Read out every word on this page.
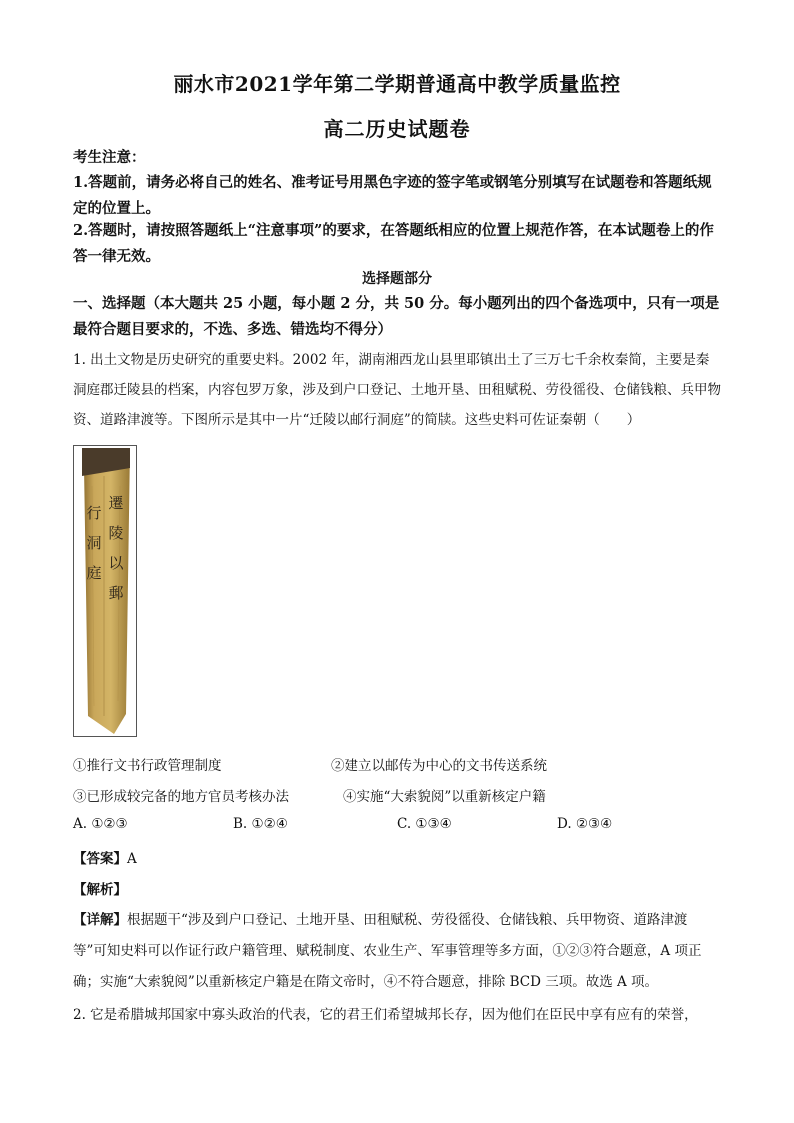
丽水市2021学年第二学期普通高中教学质量监控
高二历史试题卷
考生注意：
1.答题前，请务必将自己的姓名、准考证号用黑色字迹的签字笔或钢笔分别填写在试题卷和答题纸规定的位置上。
2.答题时，请按照答题纸上“注意事项”的要求，在答题纸相应的位置上规范作答，在本试题卷上的作答一律无效。
选择题部分
一、选择题（本大题共 25 小题，每小题 2 分，共 50 分。每小题列出的四个备选项中，只有一项是最符合题目要求的，不选、多选、错选均不得分）
1. 出土文物是历史研究的重要史料。2002 年，湖南湘西龙山县里耶镇出土了三万七千余枚秦简，主要是秦洞庭郡迁陵县的档案，内容包罗万象，涉及到户口登记、土地开垦、田租赋税、劳役徭役、仓储钱粮、兵甲物资、道路津渡等。下图所示是其中一片“迁陵以邮行洞庭”的简牍。这些史料可佐证秦朝（　　）
遷陵以郵
行洞庭
①推行文书行政管理制度	②建立以邮传为中心的文书传送系统
③已形成较完备的地方官员考核办法	④实施“大索貌阅”以重新核定户籍
A. ①②③	B. ①②④	C. ①③④	D. ②③④
【答案】A
【解析】
【详解】根据题干“涉及到户口登记、土地开垦、田租赋税、劳役徭役、仓储钱粮、兵甲物资、道路津渡等”可知史料可以作证行政户籍管理、赋税制度、农业生产、军事管理等多方面，①②③符合题意，A 项正确；实施“大索貌阅”以重新核定户籍是在隋文帝时，④不符合题意，排除 BCD 三项。故选 A 项。
2. 它是希腊城邦国家中寡头政治的代表，它的君王们希望城邦长存，因为他们在臣民中享有应有的荣誉，
